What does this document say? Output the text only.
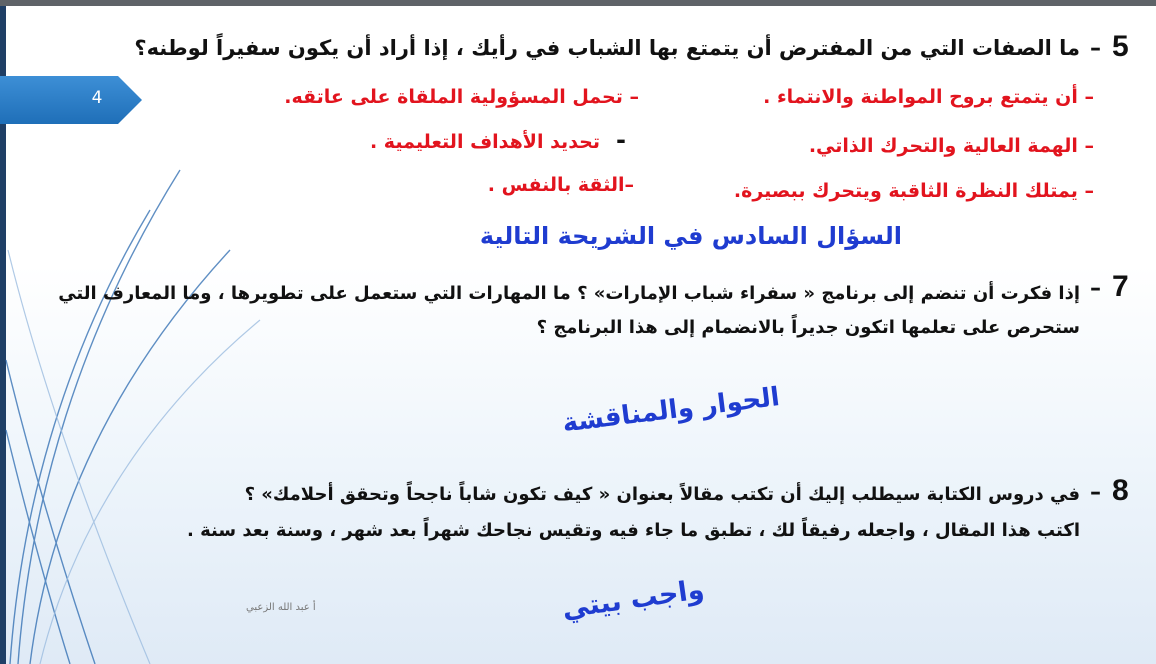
4
5
–
ما الصفات التي من المفترض أن يتمتع بها الشباب في رأيك ، إذا أراد أن يكون سفيراً لوطنه؟
– أن يتمتع بروح المواطنة والانتماء .
– الهمة العالية والتحرك الذاتي.
– يمتلك النظرة الثاقبة ويتحرك ببصيرة.
– تحمل المسؤولية الملقاة على عاتقه.
-
تحديد الأهداف التعليمية .
–الثقة بالنفس .
السؤال السادس في الشريحة التالية
7
–
إذا فكرت أن تنضم إلى برنامج « سفراء شباب الإمارات» ؟ ما المهارات التي ستعمل على تطويرها ، وما المعارف التي
ستحرص على تعلمها اتكون جديراً بالانضمام إلى هذا البرنامج ؟
الحوار والمناقشة
8
–
في دروس الكتابة سيطلب إليك أن تكتب مقالاً بعنوان « كيف تكون شاباً ناجحاً وتحقق أحلامك» ؟
اكتب هذا المقال ، واجعله رفيقاً لك ، تطبق ما جاء فيه وتقيس نجاحك شهراً بعد شهر ، وسنة بعد سنة .
واجب بيتي
أ عبد الله الزعبي
